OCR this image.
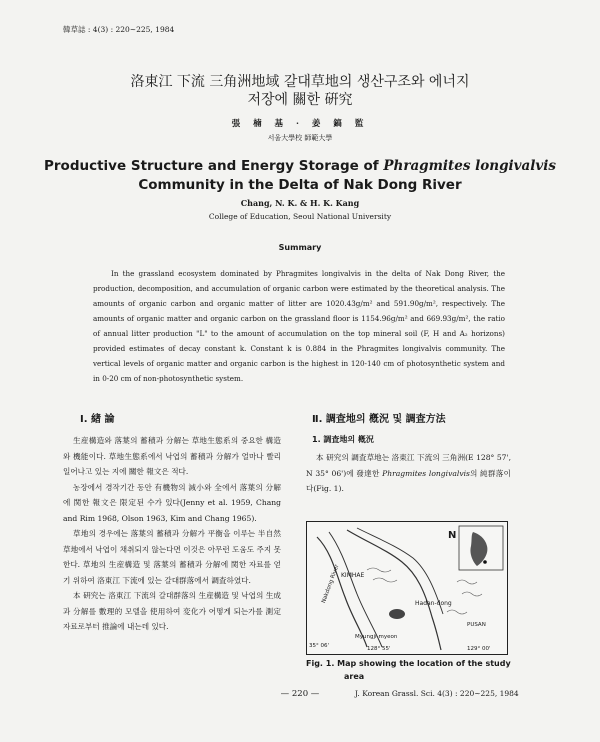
韓草誌 : 4(3) : 220~225, 1984
洛東江 下流 三角洲地域 갈대草地의 생산구조와 에너지
저장에 關한 硏究
張 楠 基 · 姜 鎬 監
서울大學校 師範大學
Productive Structure and Energy Storage of Phragmites longivalvis
Community in the Delta of Nak Dong River
Chang, N. K. & H. K. Kang
College of Education, Seoul National University
Summary

In the grassland ecosystem dominated by Phragmites longivalvis in the delta of Nak Dong River, the production, decomposition, and accumulation of organic carbon were estimated by the theoretical analysis. The amounts of organic carbon and organic matter of litter are 1020.43g/m² and 591.90g/m², respectively. The amounts of organic matter and organic carbon on the grassland floor is 1154.96g/m² and 669.93g/m², the ratio of annual litter production "L" to the amount of accumulation on the top mineral soil (F, H and A₂ horizons) provided estimates of decay constant k. Constant k is 0.884 in the Phragmites longivalvis community. The vertical levels of organic matter and organic carbon is the highest in 120-140 cm of photosynthetic system and in 0-20 cm of non-photosynthetic system.

Ⅰ. 緖 論

生産構造와 落葉의 蓄積과 分解는 草地生態系의 중요한 構造와 機能이다. 草地生態系에서 낙엽의 蓄積과 分解가 얼마나 빨리 일어나고 있는 지에 關한 報文은 적다.

농장에서 경작기간 동안 有機物의 減小와 全에서 落葉의 分解에 関한 報文은 限定된 수가 있다(Jenny et al. 1959, Chang and Rim 1968, Olson 1963, Kim and Chang 1965).

草地의 경우에는 落葉의 蓄積과 分解가 平衡을 이루는 半自然草地에서 낙엽이 채취되지 않는다면 이것은 아무런 도움도 주지 못한다. 草地의 生産構造 및 落葉의 蓄積과 分解에 関한 자료를 얻기 위하여 洛東江 下流에 있는 갈대群落에서 調査하였다.

本 硏究는 洛東江 下流의 갈대群落의 生産構造 및 낙엽의 生成과 分解를 數理的 모델을 使用하여 変化가 어떻게 되는가를 測定 자료로부터 推論에 내는데 있다.

Ⅱ. 調査地의 槪況 및 調査方法
1. 調査地의 槪況

本 研究의 調査草地는 洛東江 下流의 三角洲(E 128° 57', N 35° 06')에 發達한 Phragmites longivalvis의 純群落이다(Fig. 1).

KIMHAE
Hadan-dong
Myungji-myeon
Nakdong River
35° 06'	128° 55'	129° 00'
PUSAN
N
Fig. 1. Map showing the location of the study
area
— 220 —	J. Korean Grassl. Sci. 4(3) : 220~225, 1984
